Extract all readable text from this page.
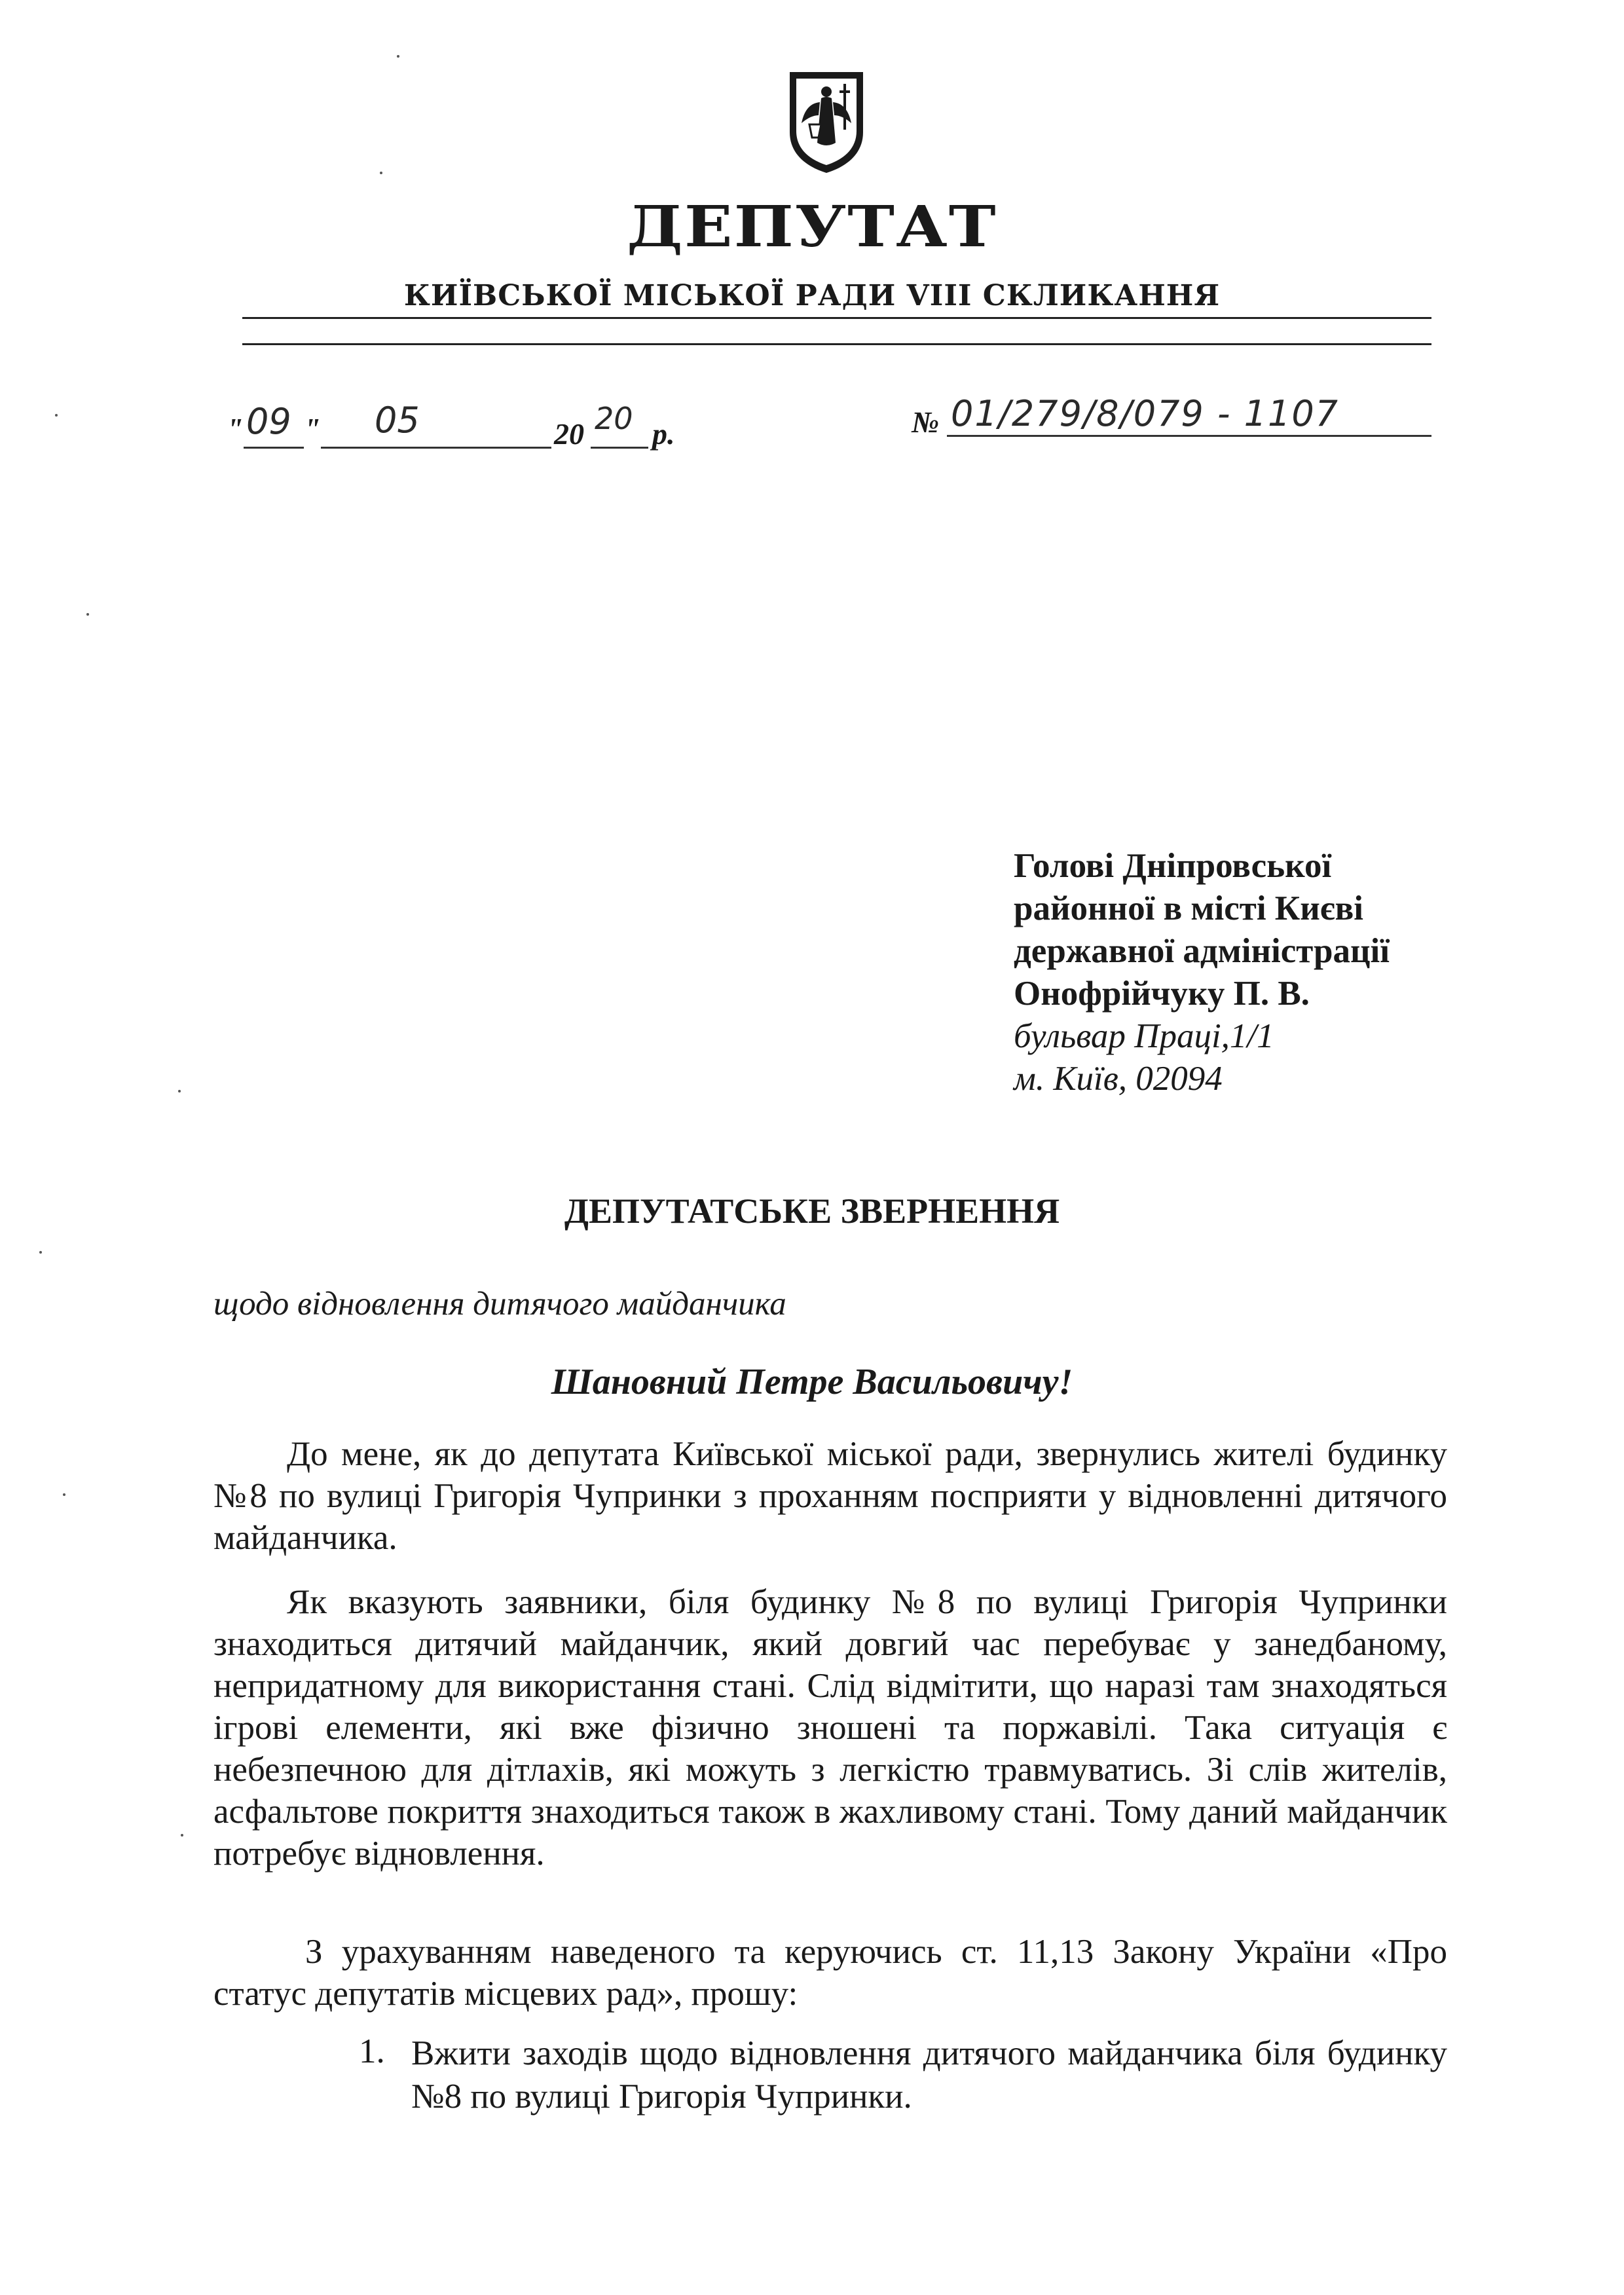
ДЕПУТАТ
КИЇВСЬКОЇ МІСЬКОЇ РАДИ VIII СКЛИКАННЯ
" 09 " 05	20 20 р.	№ 01/279/8/079 - 1107
Голові Дніпровської
районної в місті Києві
державної адміністрації
Онофрійчуку П. В.
бульвар Праці,1/1
м. Київ, 02094
ДЕПУТАТСЬКЕ ЗВЕРНЕННЯ
щодо відновлення дитячого майданчика
Шановний Петре Васильовичу!

До мене, як до депутата Київської міської ради, звернулись жителі будинку №8 по вулиці Григорія Чупринки з проханням посприяти у відновленні дитячого майданчика.

Як вказують заявники, біля будинку №8 по вулиці Григорія Чупринки знаходиться дитячий майданчик, який довгий час перебуває у занедбаному, непридатному для використання стані. Слід відмітити, що наразі там знаходяться ігрові елементи, які вже фізично зношені та поржавілі. Така ситуація є небезпечною для дітлахів, які можуть з легкістю травмуватись. Зі слів жителів, асфальтове покриття знаходиться також в жахливому стані. Тому даний майданчик потребує відновлення.

З урахуванням наведеного та керуючись ст. 11,13 Закону України «Про статус депутатів місцевих рад», прошу:

1. Вжити заходів щодо відновлення дитячого майданчика біля будинку №8 по вулиці Григорія Чупринки.
